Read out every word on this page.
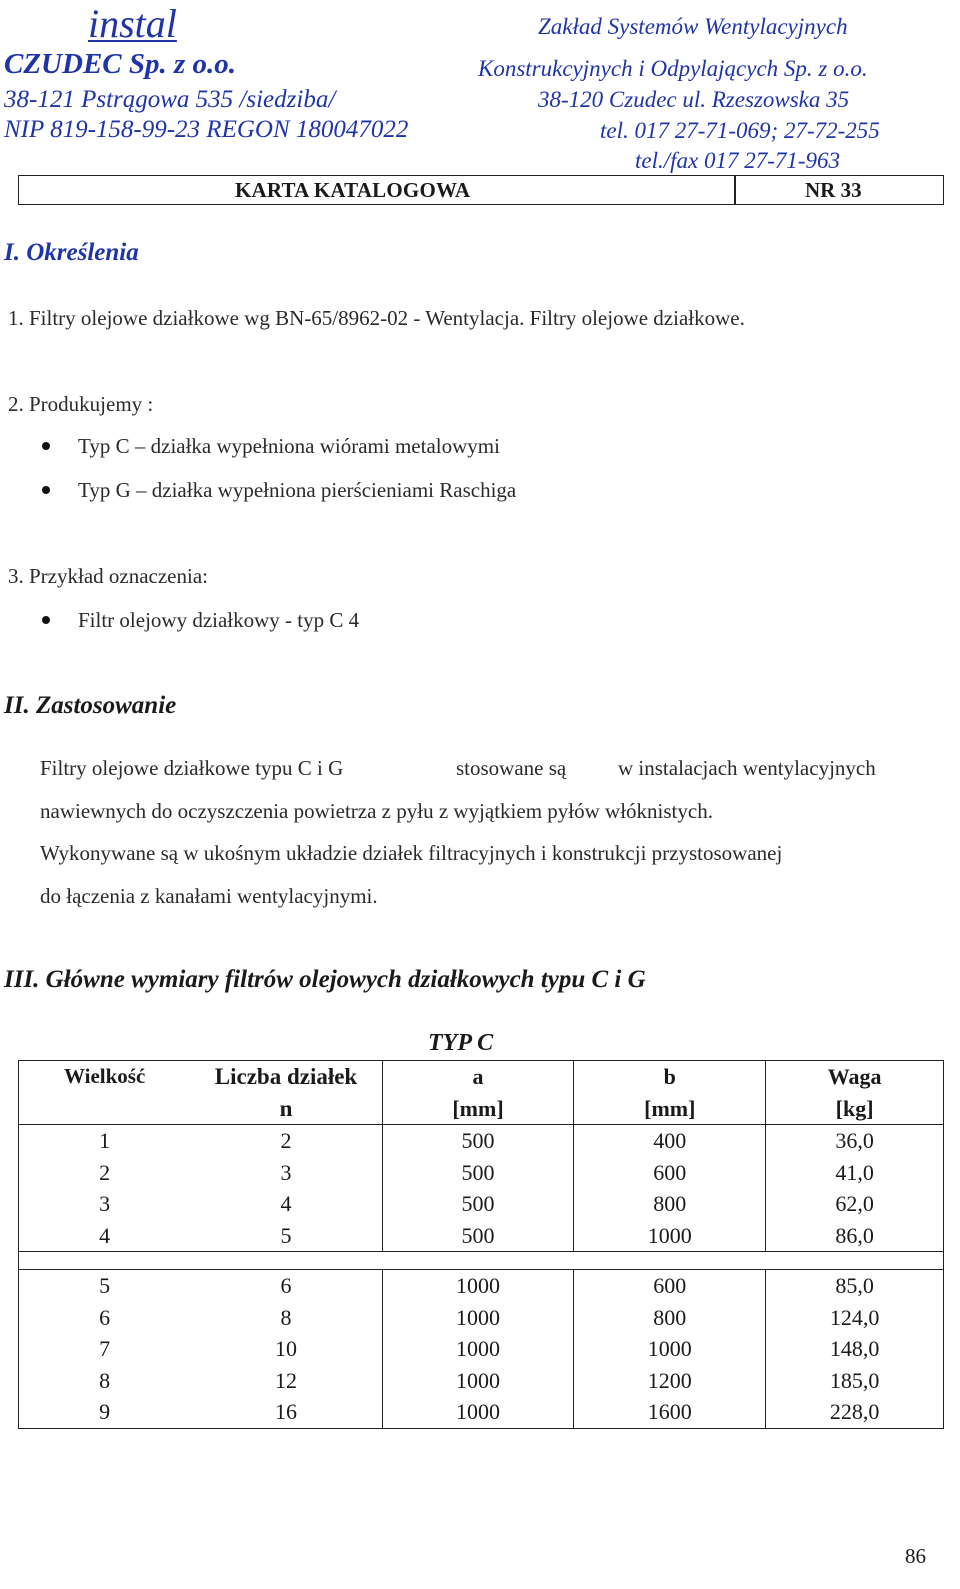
instal
CZUDEC Sp. z o.o.
38-121 Pstrągowa 535 /siedziba/
NIP 819-158-99-23 REGON 180047022
Zakład Systemów Wentylacyjnych
Konstrukcyjnych i Odpylających Sp. z o.o.
38-120 Czudec ul. Rzeszowska 35
tel. 017 27-71-069; 27-72-255
tel./fax 017 27-71-963
KARTA KATALOGOWA	NR 33
I. Określenia
1. Filtry olejowe działkowe wg BN-65/8962-02 - Wentylacja. Filtry olejowe działkowe.
2. Produkujemy :
Typ C – działka wypełniona wiórami metalowymi
Typ G – działka wypełniona pierścieniami Raschiga
3. Przykład oznaczenia:
Filtr olejowy działkowy - typ C 4
II. Zastosowanie
Filtry olejowe działkowe typu C i G	stosowane są w instalacjach wentylacyjnych
nawiewnych do oczyszczenia powietrza z pyłu z wyjątkiem pyłów włóknistych.
Wykonywane są w ukośnym układzie działek filtracyjnych i konstrukcji przystosowanej
do łączenia z kanałami wentylacyjnymi.
III. Główne wymiary filtrów olejowych działkowych typu C i G
TYP C
Wielkość	Liczba działek	a	b	Waga
	n	[mm]	[mm]	[kg]
1	2	500	400	36,0
2	3	500	600	41,0
3	4	500	800	62,0
4	5	500	1000	86,0

5	6	1000	600	85,0
6	8	1000	800	124,0
7	10	1000	1000	148,0
8	12	1000	1200	185,0
9	16	1000	1600	228,0
86
